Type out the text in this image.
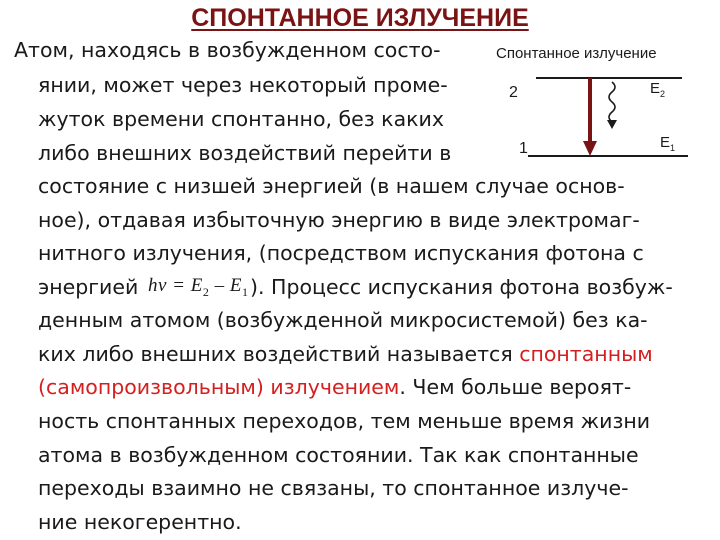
СПОНТАННОЕ ИЗЛУЧЕНИЕ
Атом, находясь в возбужденном состо-
янии, может через некоторый проме-
жуток времени спонтанно, без каких
либо внешних воздействий перейти в
состояние с низшей энергией (в нашем случае основ-
ное), отдавая избыточную энергию в виде электромаг-
нитного излучения, (посредством испускания фотона с
энергией $h\nu = E_2 - E_1$ ). Процесс испускания фотона возбуж-
денным атомом (возбужденной микросистемой) без ка-
ких либо внешних воздействий называется спонтанным
(самопроизвольным) излучением. Чем больше вероят-
ность спонтанных переходов, тем меньше время жизни
атома в возбужденном состоянии. Так как спонтанные
переходы взаимно не связаны, то спонтанное излуче-
ние некогерентно.
Спонтанное излучение
2
1
$E_2$
$E_1$
